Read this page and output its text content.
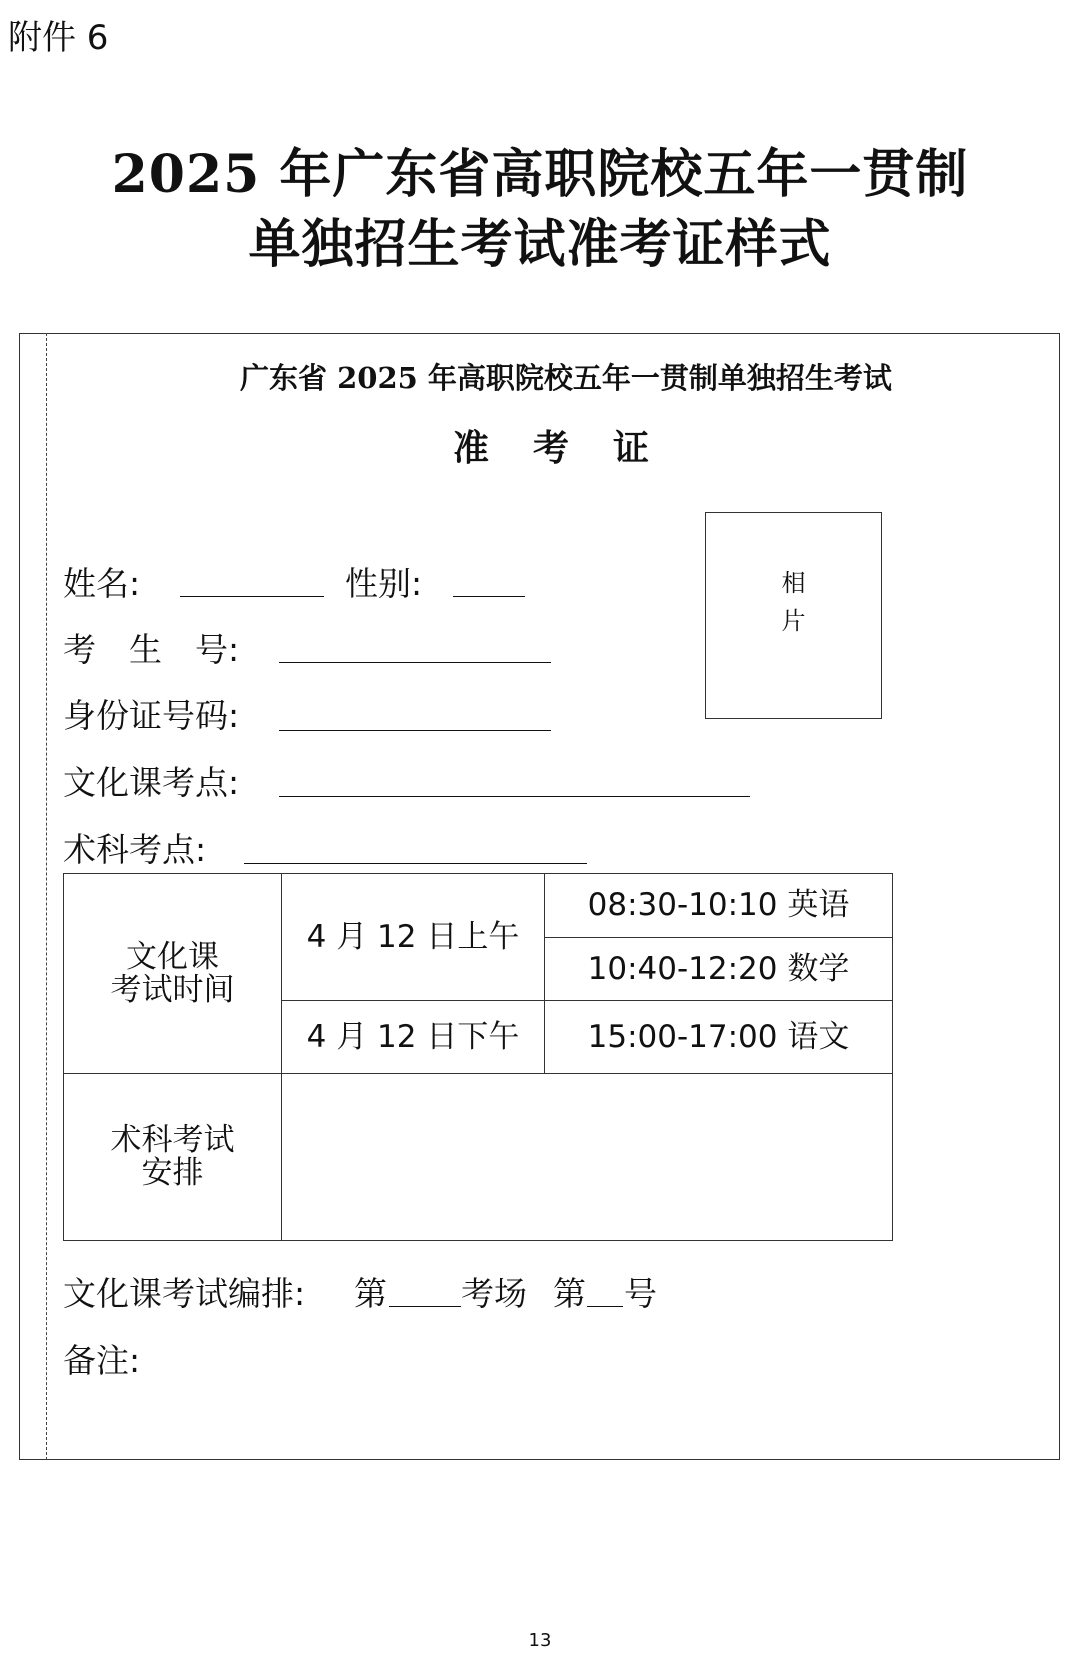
附件 6
2025 年广东省高职院校五年一贯制
单独招生考试准考证样式
广东省 2025 年高职院校五年一贯制单独招生考试
准考证
相
片
姓名:	性别:
考　生　号:
身份证号码:
文化课考点:
术科考点:
文化课
考试时间	4 月 12 日上午	08:30-10:10 英语
		10:40-12:20 数学
	4 月 12 日下午	15:00-17:00 语文

术科考试
安排		

文化课考试编排: 第 考场 第 号
备注:
13
